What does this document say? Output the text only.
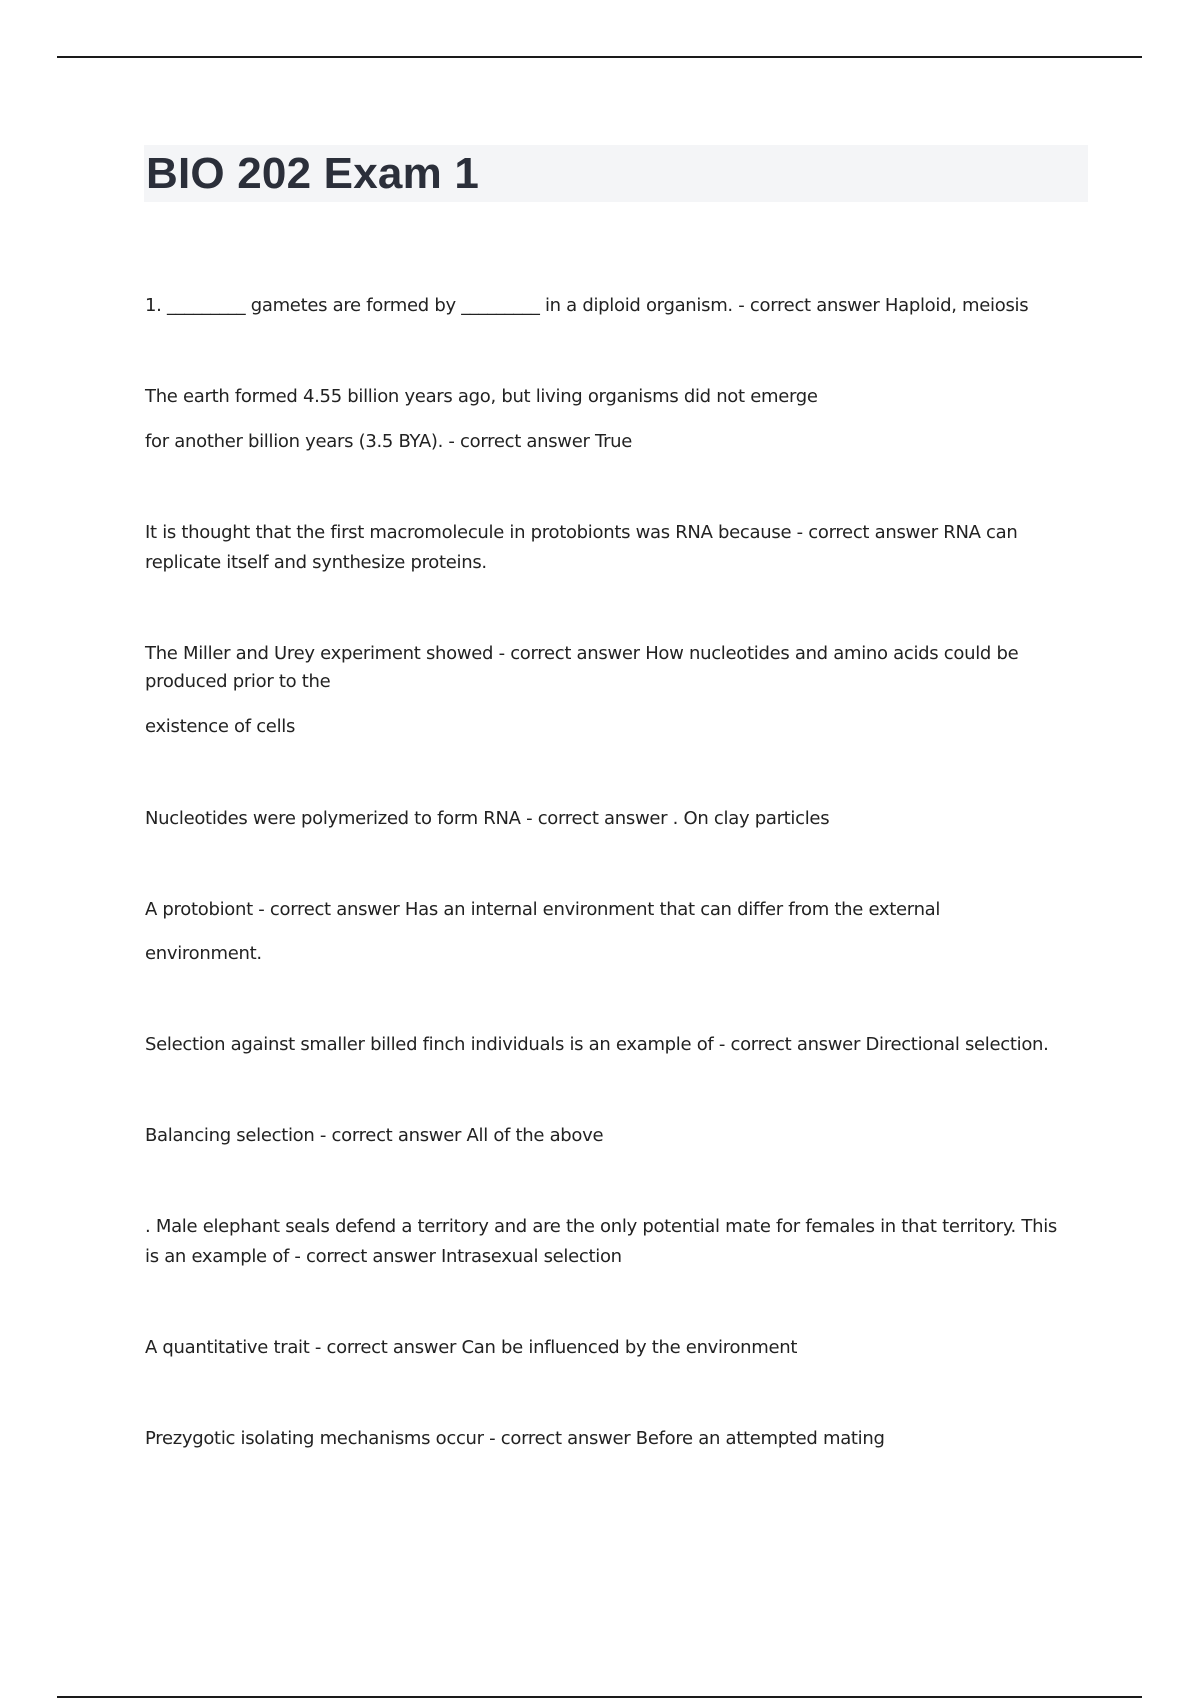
BIO 202 Exam 1

1. _________ gametes are formed by _________ in a diploid organism. - correct answer Haploid, meiosis

The earth formed 4.55 billion years ago, but living organisms did not emerge

for another billion years (3.5 BYA). - correct answer True

It is thought that the first macromolecule in protobionts was RNA because - correct answer RNA can

replicate itself and synthesize proteins.

The Miller and Urey experiment showed - correct answer How nucleotides and amino acids could be

produced prior to the

existence of cells

Nucleotides were polymerized to form RNA - correct answer . On clay particles

A protobiont - correct answer Has an internal environment that can differ from the external

environment.

Selection against smaller billed finch individuals is an example of - correct answer Directional selection.

Balancing selection - correct answer All of the above

. Male elephant seals defend a territory and are the only potential mate for females in that territory. This

is an example of - correct answer Intrasexual selection

A quantitative trait - correct answer Can be influenced by the environment

Prezygotic isolating mechanisms occur - correct answer Before an attempted mating
